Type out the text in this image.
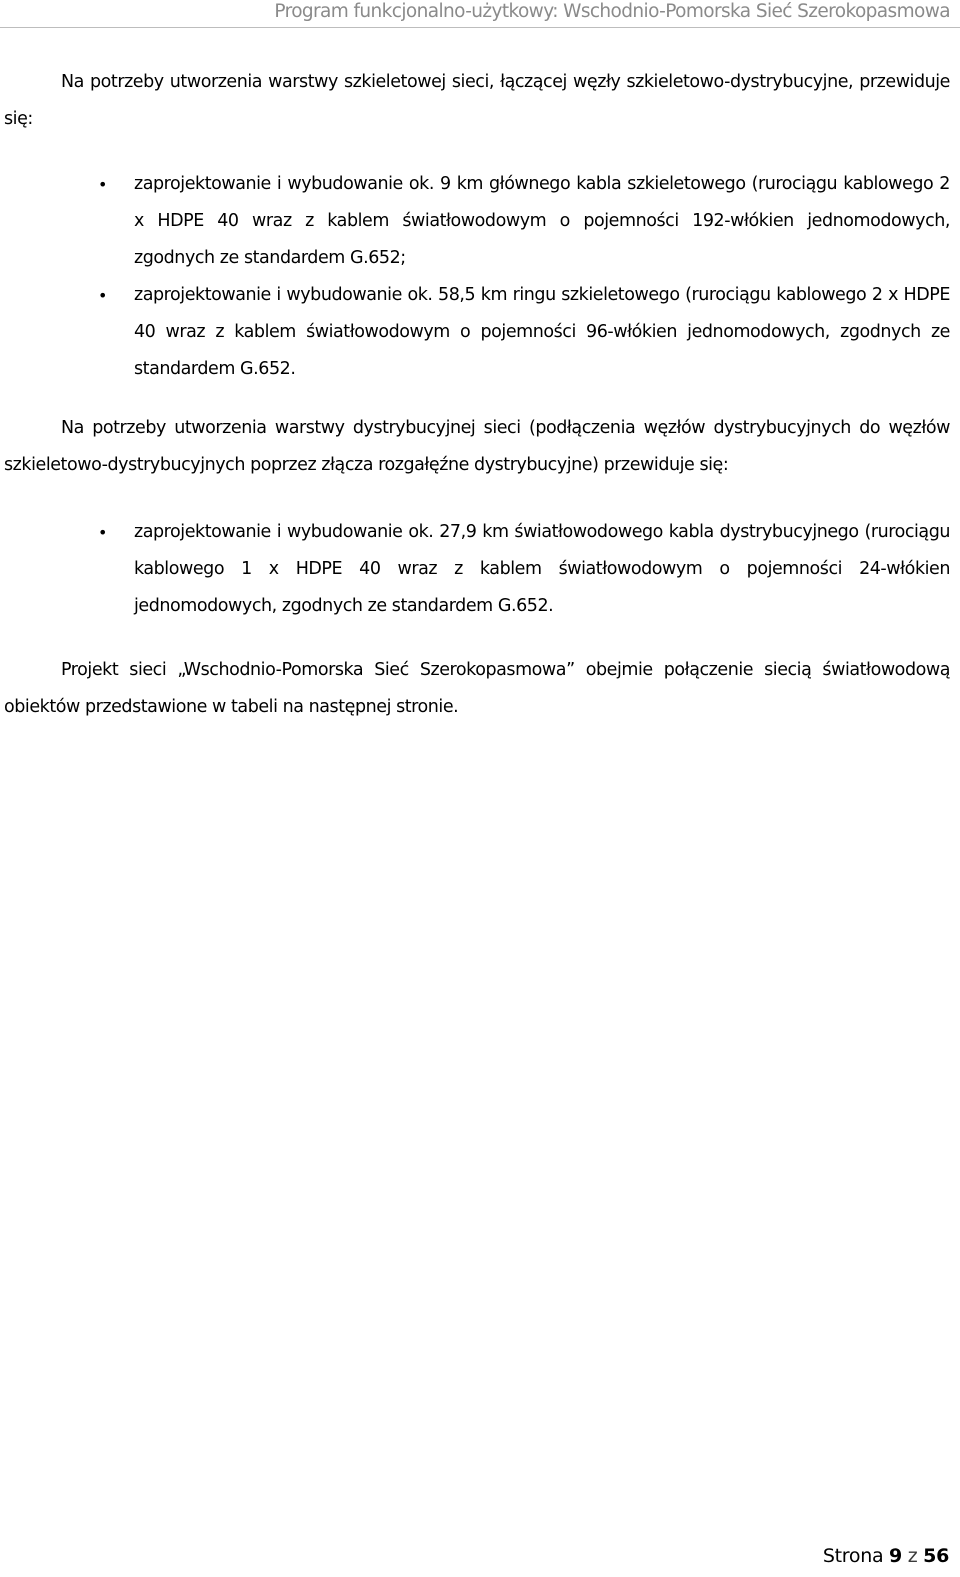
Program funkcjonalno-użytkowy: Wschodnio-Pomorska Sieć Szerokopasmowa

Na potrzeby utworzenia warstwy szkieletowej sieci, łączącej węzły szkieletowo-dystrybucyjne, przewiduje się:

• zaprojektowanie i wybudowanie ok. 9 km głównego kabla szkieletowego (rurociągu kablowego 2 x HDPE 40 wraz z kablem światłowodowym o pojemności 192-włókien jednomodowych, zgodnych ze standardem G.652;
• zaprojektowanie i wybudowanie ok. 58,5 km ringu szkieletowego (rurociągu kablowego 2 x HDPE 40 wraz z kablem światłowodowym o pojemności 96-włókien jednomodowych, zgodnych ze standardem G.652.

Na potrzeby utworzenia warstwy dystrybucyjnej sieci (podłączenia węzłów dystrybucyjnych do węzłów szkieletowo-dystrybucyjnych poprzez złącza rozgałęźne dystrybucyjne) przewiduje się:

• zaprojektowanie i wybudowanie ok. 27,9 km światłowodowego kabla dystrybucyjnego (rurociągu kablowego 1 x HDPE 40 wraz z kablem światłowodowym o pojemności 24-włókien jednomodowych, zgodnych ze standardem G.652.

Projekt sieci „Wschodnio-Pomorska Sieć Szerokopasmowa” obejmie połączenie siecią światłowodową obiektów przedstawione w tabeli na następnej stronie.

Strona 9 z 56
